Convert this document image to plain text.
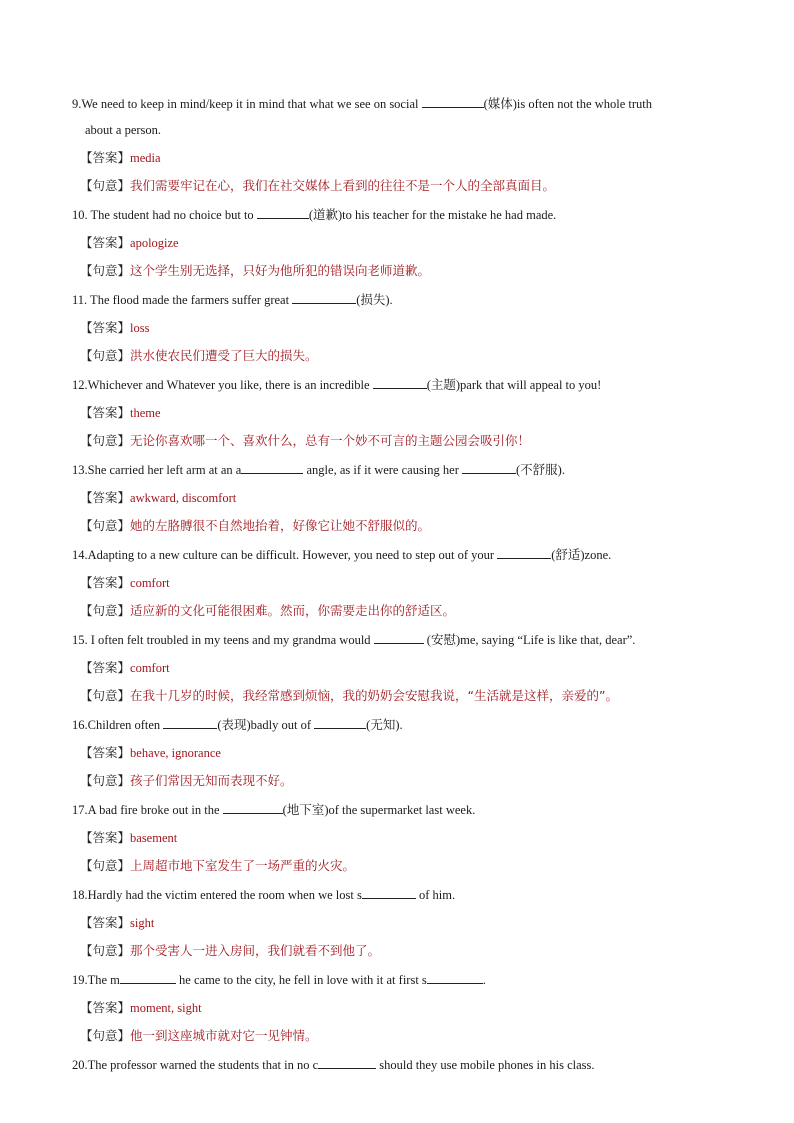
9.We need to keep in mind/keep it in mind that what we see on social	(媒体)is often not the whole truth
about a person.
【答案】media
【句意】我们需要牢记在心，我们在社交媒体上看到的往往不是一个人的全部真面目。
10. The student had no choice but to	(道歉)to his teacher for the mistake he had made.
【答案】apologize
【句意】这个学生别无选择，只好为他所犯的错误向老师道歉。
11. The flood made the farmers suffer great	(损失).
【答案】loss
【句意】洪水使农民们遭受了巨大的损失。
12.Whichever and Whatever you like, there is an incredible	(主题)park that will appeal to you!
【答案】theme
【句意】无论你喜欢哪一个、喜欢什么，总有一个妙不可言的主题公园会吸引你！
13.She carried her left arm at an a	angle, as if it were causing her	(不舒服).
【答案】awkward, discomfort
【句意】她的左胳膊很不自然地抬着，好像它让她不舒服似的。
14.Adapting to a new culture can be difficult. However, you need to step out of your	(舒适)zone.
【答案】comfort
【句意】适应新的文化可能很困难。然而，你需要走出你的舒适区。
15. I often felt troubled in my teens and my grandma would	(安慰)me, saying “Life is like that, dear”.
【答案】comfort
【句意】在我十几岁的时候，我经常感到烦恼，我的奶奶会安慰我说，“生活就是这样，亲爱的”。
16.Children often	(表现)badly out of	(无知).
【答案】behave, ignorance
【句意】孩子们常因无知而表现不好。
17.A bad fire broke out in the	(地下室)of the supermarket last week.
【答案】basement
【句意】上周超市地下室发生了一场严重的火灾。
18.Hardly had the victim entered the room when we lost s	of him.
【答案】sight
【句意】那个受害人一进入房间，我们就看不到他了。
19.The m	he came to the city, he fell in love with it at first s	.
【答案】moment, sight
【句意】他一到这座城市就对它一见钟情。
20.The professor warned the students that in no c	should they use mobile phones in his class.
